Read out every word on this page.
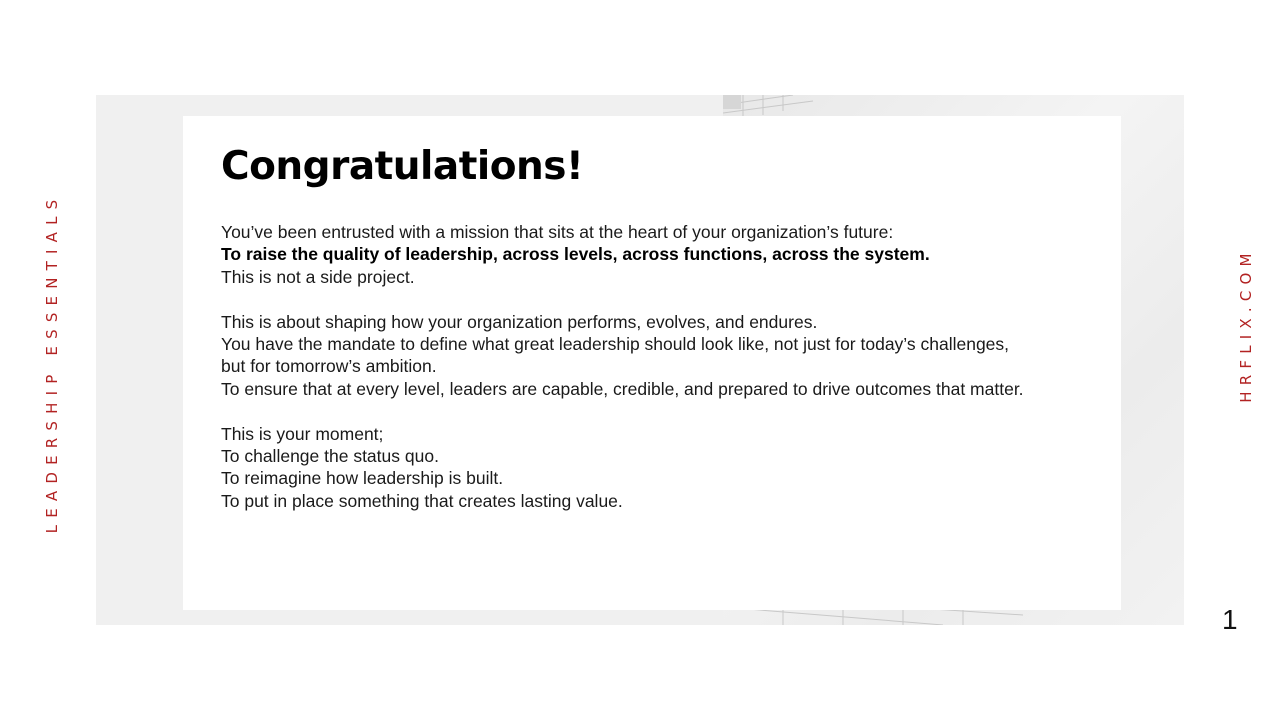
Congratulations!
You’ve been entrusted with a mission that sits at the heart of your organization’s future:
To raise the quality of leadership, across levels, across functions, across the system.
This is not a side project.
This is about shaping how your organization performs, evolves, and endures.
You have the mandate to define what great leadership should look like, not just for today’s challenges,
but for tomorrow’s ambition.
To ensure that at every level, leaders are capable, credible, and prepared to drive outcomes that matter.
This is your moment;
To challenge the status quo.
To reimagine how leadership is built.
To put in place something that creates lasting value.
LEADERSHIP ESSENTIALS	HRFLIX.COM
1
